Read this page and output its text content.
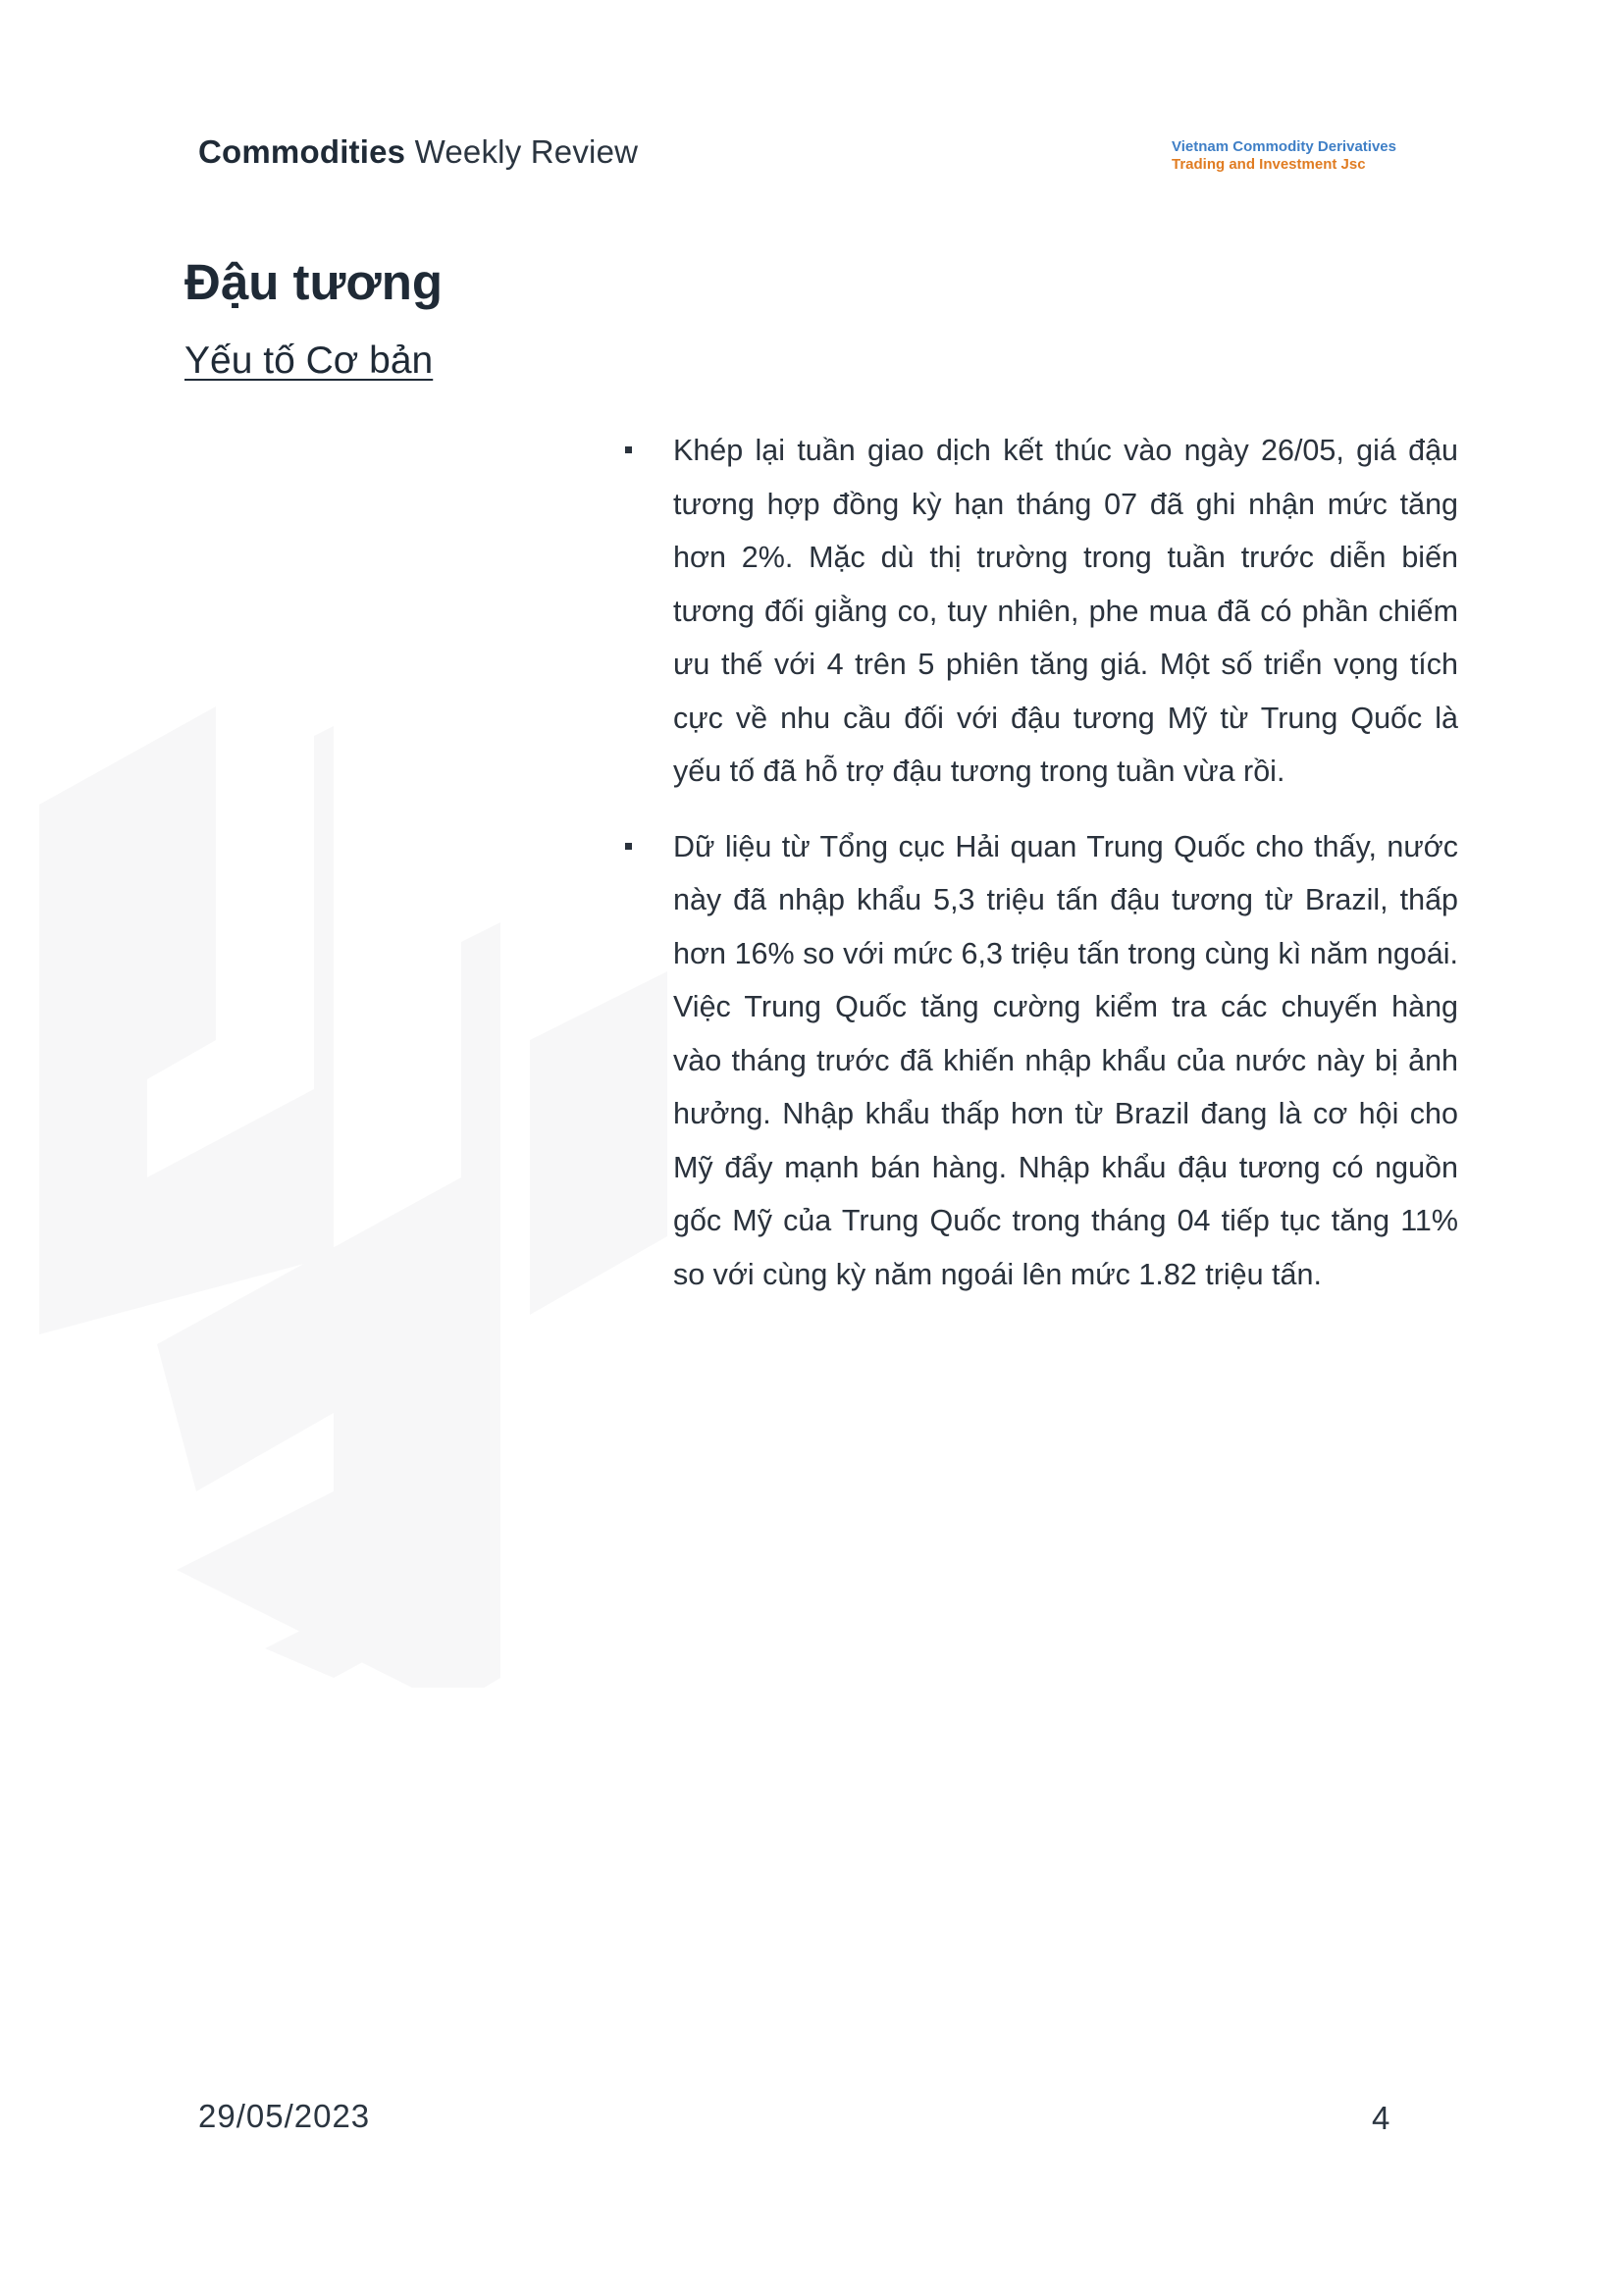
Commodities Weekly Review	Vietnam Commodity Derivatives
Trading and Investment Jsc
Đậu tương
Yếu tố Cơ bản
Khép lại tuần giao dịch kết thúc vào ngày 26/05, giá đậu tương hợp đồng kỳ hạn tháng 07 đã ghi nhận mức tăng hơn 2%. Mặc dù thị trường trong tuần trước diễn biến tương đối giằng co, tuy nhiên, phe mua đã có phần chiếm ưu thế với 4 trên 5 phiên tăng giá. Một số triển vọng tích cực về nhu cầu đối với đậu tương Mỹ từ Trung Quốc là yếu tố đã hỗ trợ đậu tương trong tuần vừa rồi.
Dữ liệu từ Tổng cục Hải quan Trung Quốc cho thấy, nước này đã nhập khẩu 5,3 triệu tấn đậu tương từ Brazil, thấp hơn 16% so với mức 6,3 triệu tấn trong cùng kì năm ngoái. Việc Trung Quốc tăng cường kiểm tra các chuyến hàng vào tháng trước đã khiến nhập khẩu của nước này bị ảnh hưởng. Nhập khẩu thấp hơn từ Brazil đang là cơ hội cho Mỹ đẩy mạnh bán hàng. Nhập khẩu đậu tương có nguồn gốc Mỹ của Trung Quốc trong tháng 04 tiếp tục tăng 11% so với cùng kỳ năm ngoái lên mức 1.82 triệu tấn.
29/05/2023	4
